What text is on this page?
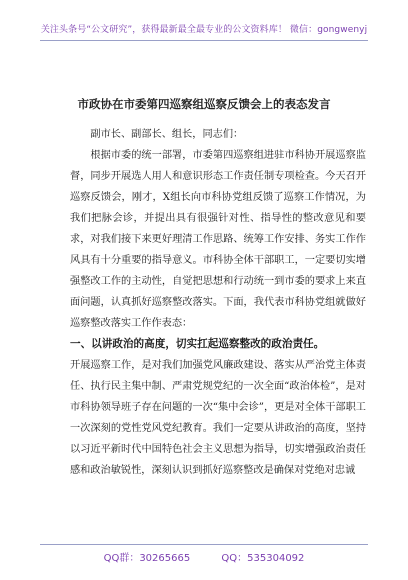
关注头条号“公文研究”，获得最新最全最专业的公文资料库！ 微信：gongwenyj
市政协在市委第四巡察组巡察反馈会上的表态发言

副市长、副部长、组长，同志们：

根据市委的统一部署，市委第四巡察组进驻市科协开展巡察监督，同步开展选人用人和意识形态工作责任制专项检查。今天召开巡察反馈会，刚才，X组长向市科协党组反馈了巡察工作情况，为我们把脉会诊，并提出具有很强针对性、指导性的整改意见和要求，对我们接下来更好理清工作思路、统筹工作安排、务实工作作风具有十分重要的指导意义。市科协全体干部职工，一定要切实增强整改工作的主动性，自觉把思想和行动统一到市委的要求上来直面问题，认真抓好巡察整改落实。下面，我代表市科协党组就做好巡察整改落实工作作表态：

一、以讲政治的高度，切实扛起巡察整改的政治责任。

开展巡察工作，是对我们加强党风廉政建设、落实从严治党主体责任、执行民主集中制、严肃党规党纪的一次全面“政治体检”，是对市科协领导班子存在问题的一次“集中会诊”，更是对全体干部职工一次深刻的党性党风党纪教育。我们一定要从讲政治的高度，坚持以习近平新时代中国特色社会主义思想为指导，切实增强政治责任感和政治敏锐性，深刻认识到抓好巡察整改是确保对党绝对忠诚

QQ群：30265665	QQ：535304092
